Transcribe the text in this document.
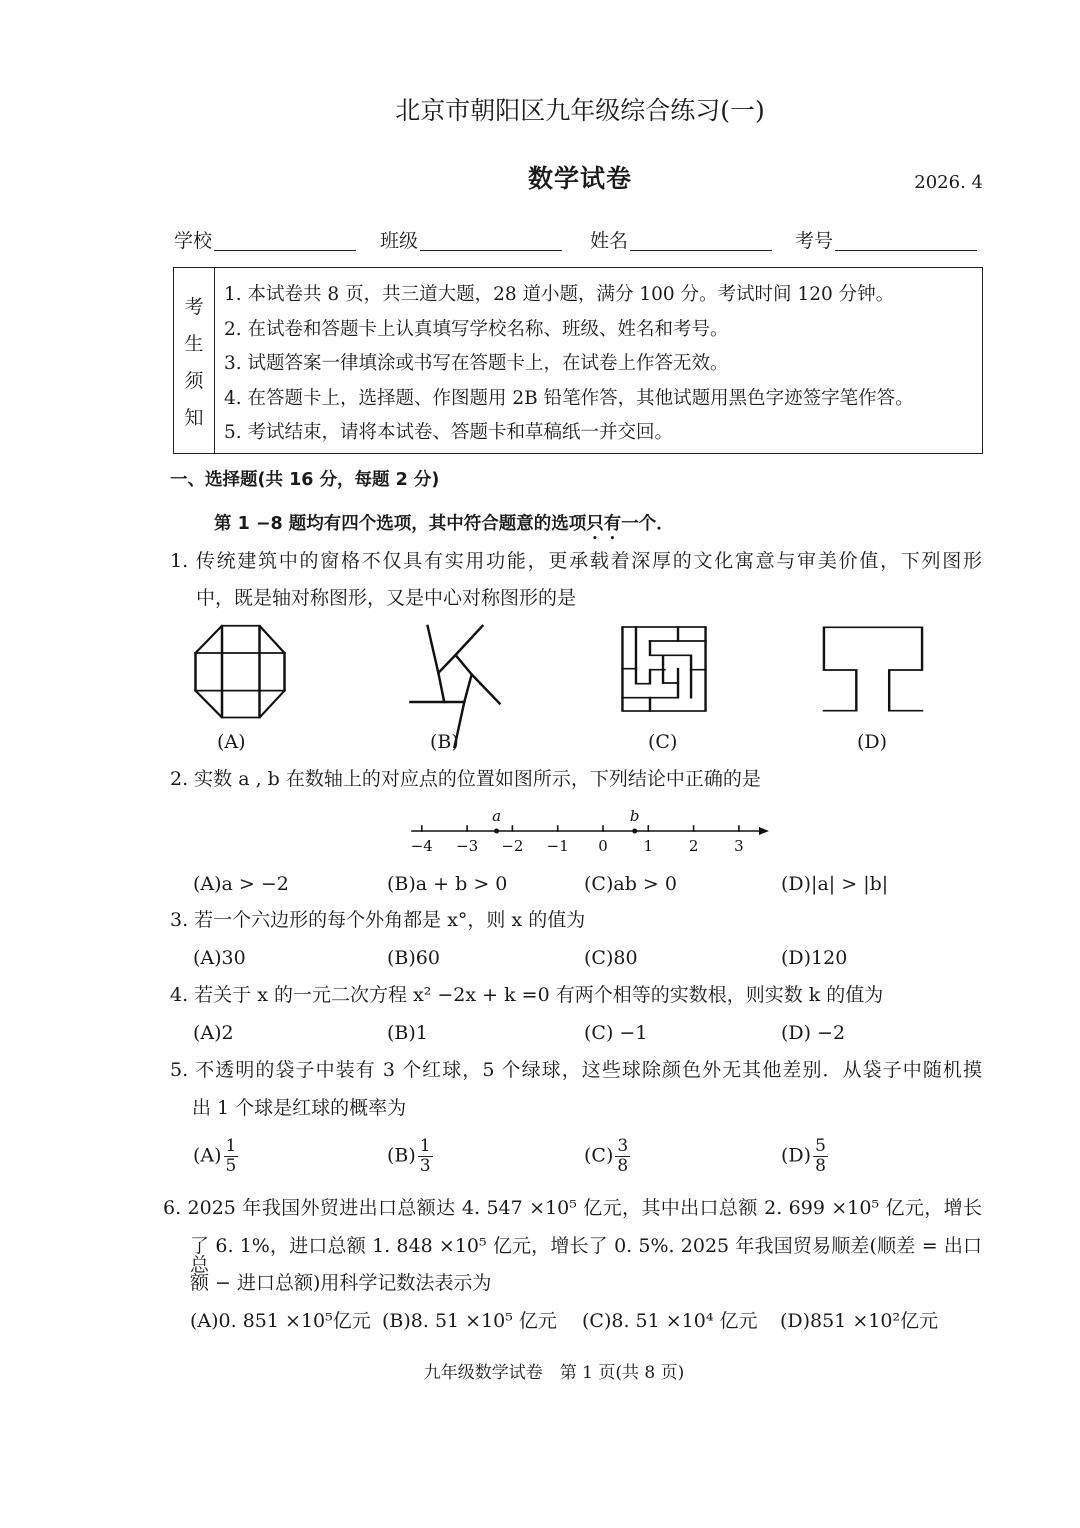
北京市朝阳区九年级综合练习(一)
数学试卷	2026. 4
学校	班级	姓名	考号
考
生
须
知
1. 本试卷共 8 页，共三道大题，28 道小题，满分 100 分。考试时间 120 分钟。
2. 在试卷和答题卡上认真填写学校名称、班级、姓名和考号。
3. 试题答案一律填涂或书写在答题卡上，在试卷上作答无效。
4. 在答题卡上，选择题、作图题用 2B 铅笔作答，其他试题用黑色字迹签字笔作答。
5. 考试结束，请将本试卷、答题卡和草稿纸一并交回。
一、选择题(共 16 分，每题 2 分)
第 1 −8 题均有四个选项，其中符合题意的选项只有一个．
1. 传统建筑中的窗格不仅具有实用功能，更承载着深厚的文化寓意与审美价值，下列图形
中，既是轴对称图形，又是中心对称图形的是
(A)	(B)	(C)	(D)
2. 实数 a , b 在数轴上的对应点的位置如图所示，下列结论中正确的是
−4 −3 −2 −1 0 1 2 3
a	b
(A)a > −2	(B)a + b > 0	(C)ab > 0	(D)|a| > |b|
3. 若一个六边形的每个外角都是 x°，则 x 的值为
(A)30	(B)60	(C)80	(D)120
4. 若关于 x 的一元二次方程 x² −2x + k =0 有两个相等的实数根，则实数 k 的值为
(A)2	(B)1	(C) −1	(D) −2
5. 不透明的袋子中装有 3 个红球，5 个绿球，这些球除颜色外无其他差别．从袋子中随机摸
出 1 个球是红球的概率为
$(A) \frac{1}{5}$	$(B) \frac{1}{3}$	$(C) \frac{3}{8}$	$(D) \frac{5}{8}$
6. 2025 年我国外贸进出口总额达 4. 547 ×10⁵ 亿元，其中出口总额 2. 699 ×10⁵ 亿元，增长
了 6. 1%，进口总额 1. 848 ×10⁵ 亿元，增长了 0. 5%. 2025 年我国贸易顺差(顺差 = 出口总
额 − 进口总额)用科学记数法表示为
(A)0. 851 ×10⁵亿元 (B)8. 51 ×10⁵ 亿元 (C)8. 51 ×10⁴ 亿元 (D)851 ×10²亿元
九年级数学试卷　第 1 页(共 8 页)
